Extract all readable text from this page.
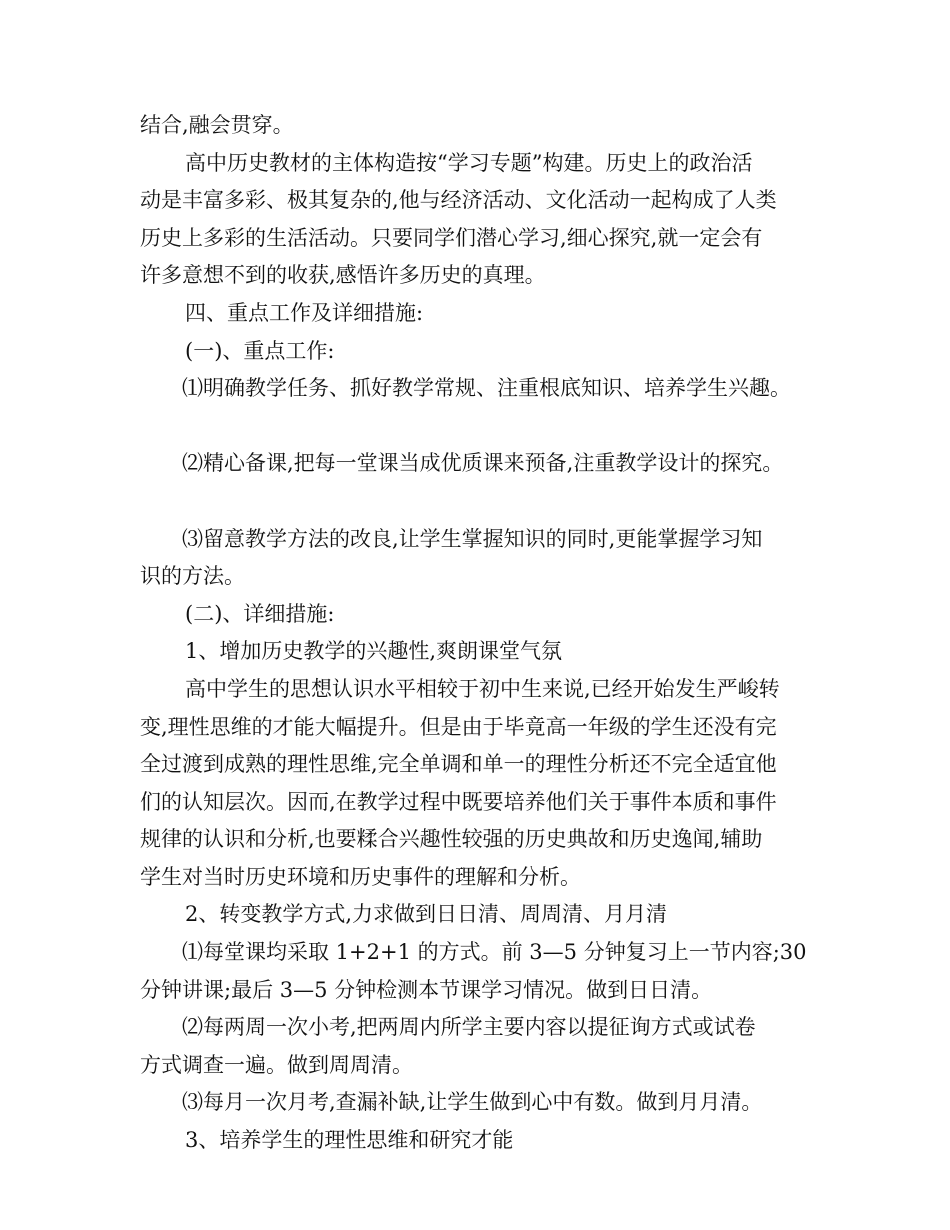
结合,融会贯穿。
高中历史教材的主体构造按“学习专题”构建。历史上的政治活
动是丰富多彩、极其复杂的,他与经济活动、文化活动一起构成了人类
历史上多彩的生活活动。只要同学们潜心学习,细心探究,就一定会有
许多意想不到的收获,感悟许多历史的真理。
四、重点工作及详细措施:
(一)、重点工作:
⑴明确教学任务、抓好教学常规、注重根底知识、培养学生兴趣。
⑵精心备课,把每一堂课当成优质课来预备,注重教学设计的探究。
⑶留意教学方法的改良,让学生掌握知识的同时,更能掌握学习知
识的方法。
(二)、详细措施:
1、增加历史教学的兴趣性,爽朗课堂气氛
高中学生的思想认识水平相较于初中生来说,已经开始发生严峻转
变,理性思维的才能大幅提升。但是由于毕竟高一年级的学生还没有完
全过渡到成熟的理性思维,完全单调和单一的理性分析还不完全适宜他
们的认知层次。因而,在教学过程中既要培养他们关于事件本质和事件
规律的认识和分析,也要糅合兴趣性较强的历史典故和历史逸闻,辅助
学生对当时历史环境和历史事件的理解和分析。
2、转变教学方式,力求做到日日清、周周清、月月清
⑴每堂课均采取 1+2+1 的方式。前 3—5 分钟复习上一节内容;30
分钟讲课;最后 3—5 分钟检测本节课学习情况。做到日日清。
⑵每两周一次小考,把两周内所学主要内容以提征询方式或试卷
方式调查一遍。做到周周清。
⑶每月一次月考,查漏补缺,让学生做到心中有数。做到月月清。
3、培养学生的理性思维和研究才能
